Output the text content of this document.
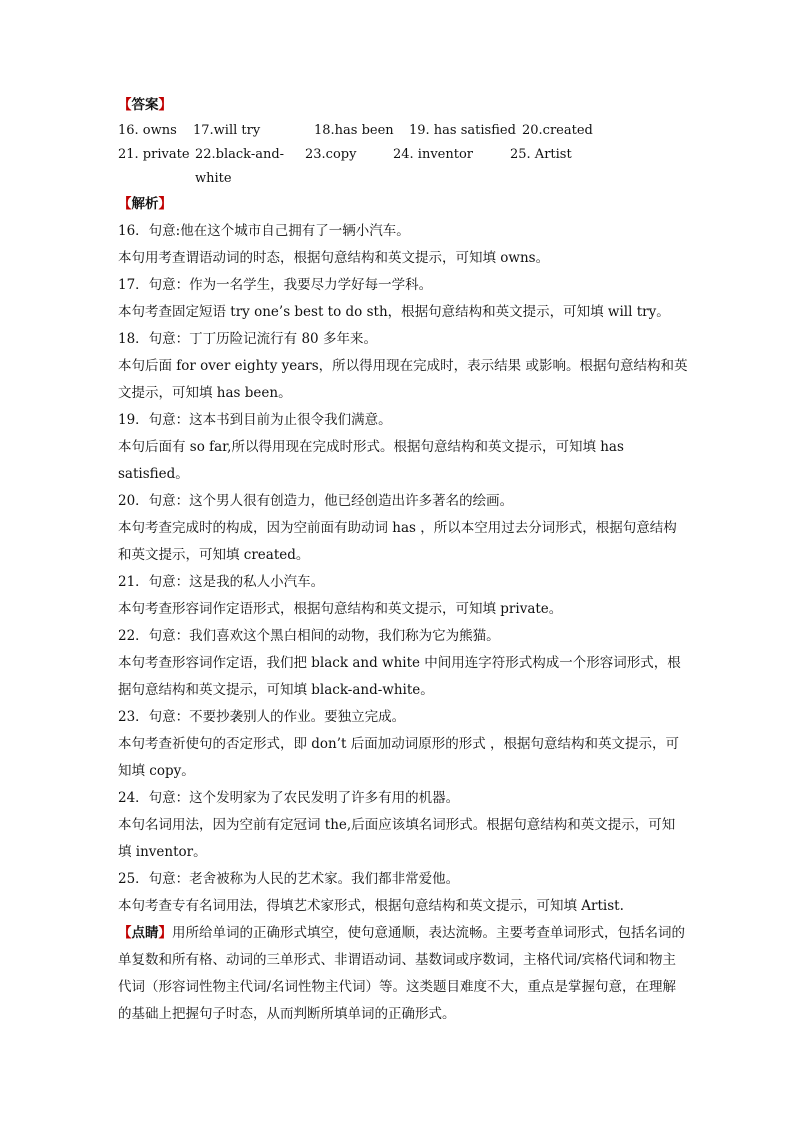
【答案】
16. owns	17.will try	18.has been	19. has satisfied 20.created
21. private 22.black-and-white
23.copy	24. inventor	25. Artist
【解析】
16．句意:他在这个城市自己拥有了一辆小汽车。
本句用考查谓语动词的时态，根据句意结构和英文提示，可知填 owns。
17．句意：作为一名学生，我要尽力学好每一学科。
本句考查固定短语 try one’s best to do sth，根据句意结构和英文提示，可知填 will try。
18．句意：丁丁历险记流行有 80 多年来。
本句后面 for over eighty years，所以得用现在完成时，表示结果 或影响。根据句意结构和英文提示，可知填 has been。
19．句意：这本书到目前为止很令我们满意。
本句后面有 so far,所以得用现在完成时形式。根据句意结构和英文提示，可知填 has satisfied。
20．句意：这个男人很有创造力，他已经创造出许多著名的绘画。
本句考查完成时的构成，因为空前面有助动词 has ，所以本空用过去分词形式，根据句意结构和英文提示，可知填 created。
21．句意：这是我的私人小汽车。
本句考查形容词作定语形式，根据句意结构和英文提示，可知填 private。
22．句意：我们喜欢这个黑白相间的动物，我们称为它为熊猫。
本句考查形容词作定语，我们把 black and white 中间用连字符形式构成一个形容词形式，根据句意结构和英文提示，可知填 black-and-white。
23．句意：不要抄袭别人的作业。要独立完成。
本句考查祈使句的否定形式，即 don’t 后面加动词原形的形式 ，根据句意结构和英文提示，可知填 copy。
24．句意：这个发明家为了农民发明了许多有用的机器。
本句名词用法，因为空前有定冠词 the,后面应该填名词形式。根据句意结构和英文提示，可知填 inventor。
25．句意：老舍被称为人民的艺术家。我们都非常爱他。
本句考查专有名词用法，得填艺术家形式，根据句意结构和英文提示，可知填 Artist.
【点睛】用所给单词的正确形式填空，使句意通顺，表达流畅。主要考查单词形式，包括名词的单复数和所有格、动词的三单形式、非谓语动词、基数词或序数词，主格代词/宾格代词和物主代词（形容词性物主代词/名词性物主代词）等。这类题目难度不大，重点是掌握句意，在理解的基础上把握句子时态，从而判断所填单词的正确形式。
